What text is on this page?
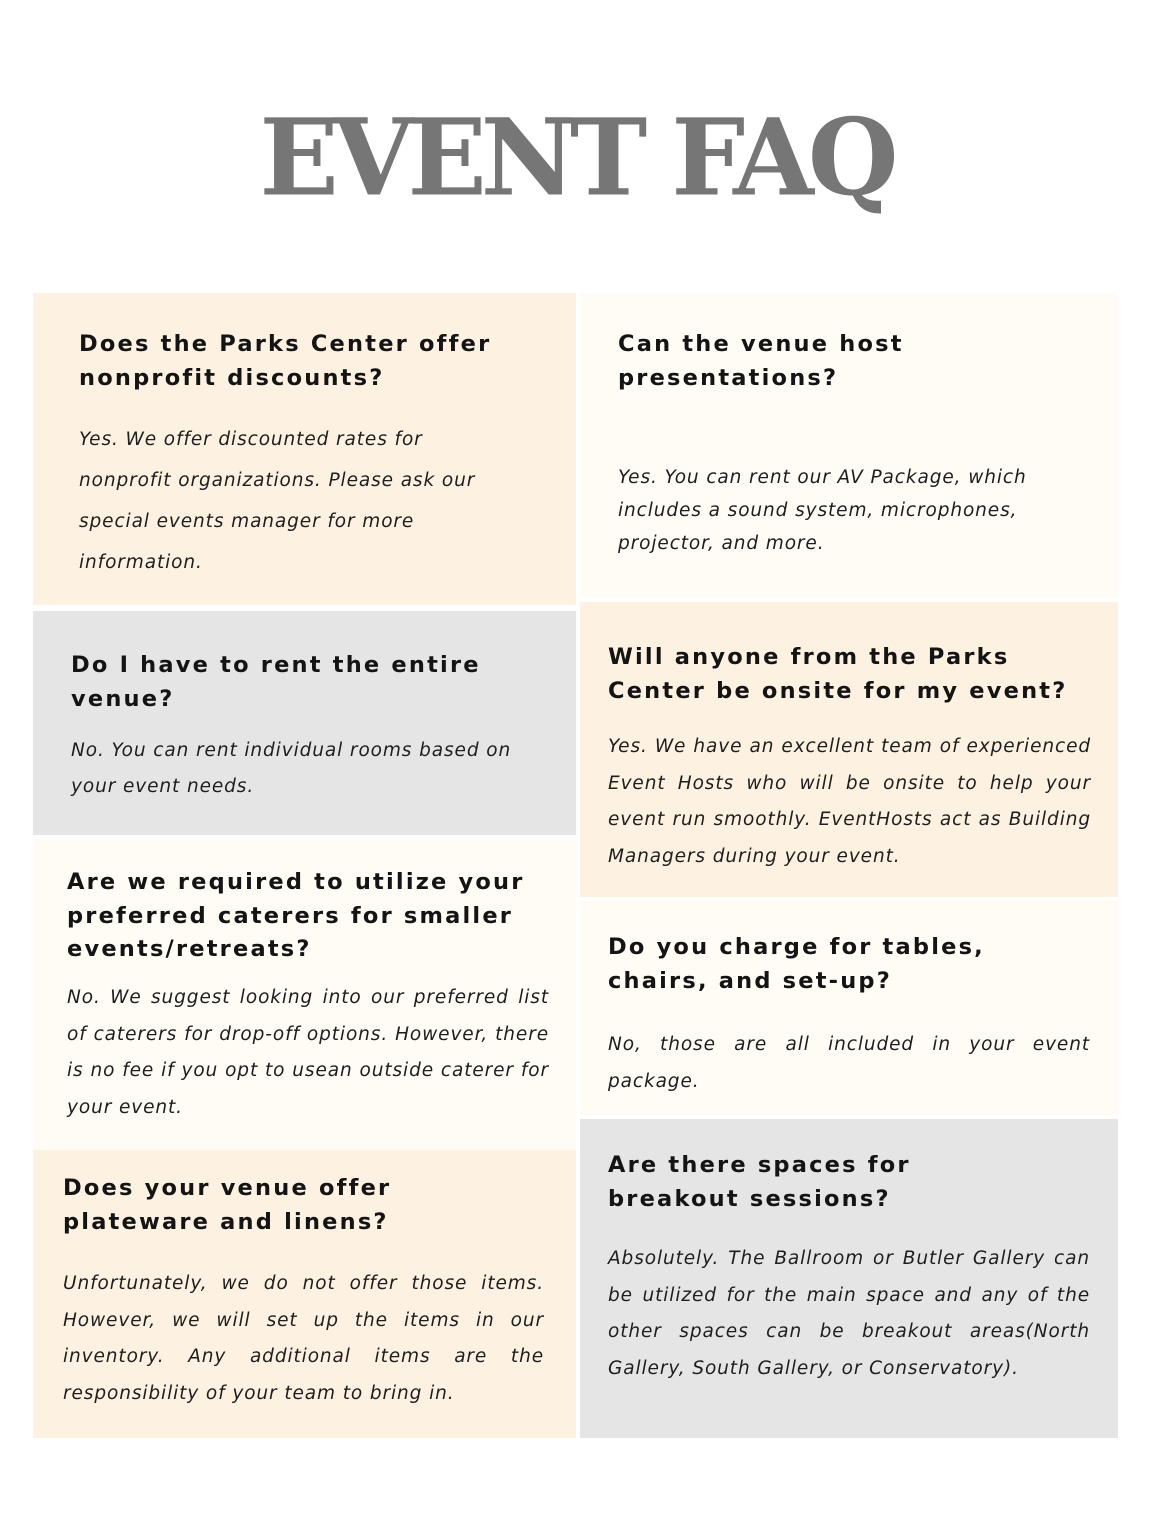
EVENT FAQ
Does the Parks Center offer nonprofit discounts?

Yes. We offer discounted rates for nonprofit organizations. Please ask our special events manager for more information.

Do I have to rent the entire venue?

No. You can rent individual rooms based on your event needs.

Are we required to utilize your preferred caterers for smaller events/retreats?

No. We suggest looking into our preferred list of caterers for drop-off options. However, there is no fee if you opt to usean outside caterer for your event.

Does your venue offer plateware and linens?

Unfortunately, we do not offer those items. However, we will set up the items in our inventory. Any additional items are the responsibility of your team to bring in.

Can the venue host presentations?

Yes. You can rent our AV Package, which includes a sound system, microphones, projector, and more.

Will anyone from the Parks Center be onsite for my event?

Yes. We have an excellent team of experienced Event Hosts who will be onsite to help your event run smoothly. EventHosts act as Building Managers during your event.

Do you charge for tables, chairs, and set-up?

No, those are all included in your event package.

Are there spaces for breakout sessions?

Absolutely. The Ballroom or Butler Gallery can be utilized for the main space and any of the other spaces can be breakout areas(North Gallery, South Gallery, or Conservatory).
